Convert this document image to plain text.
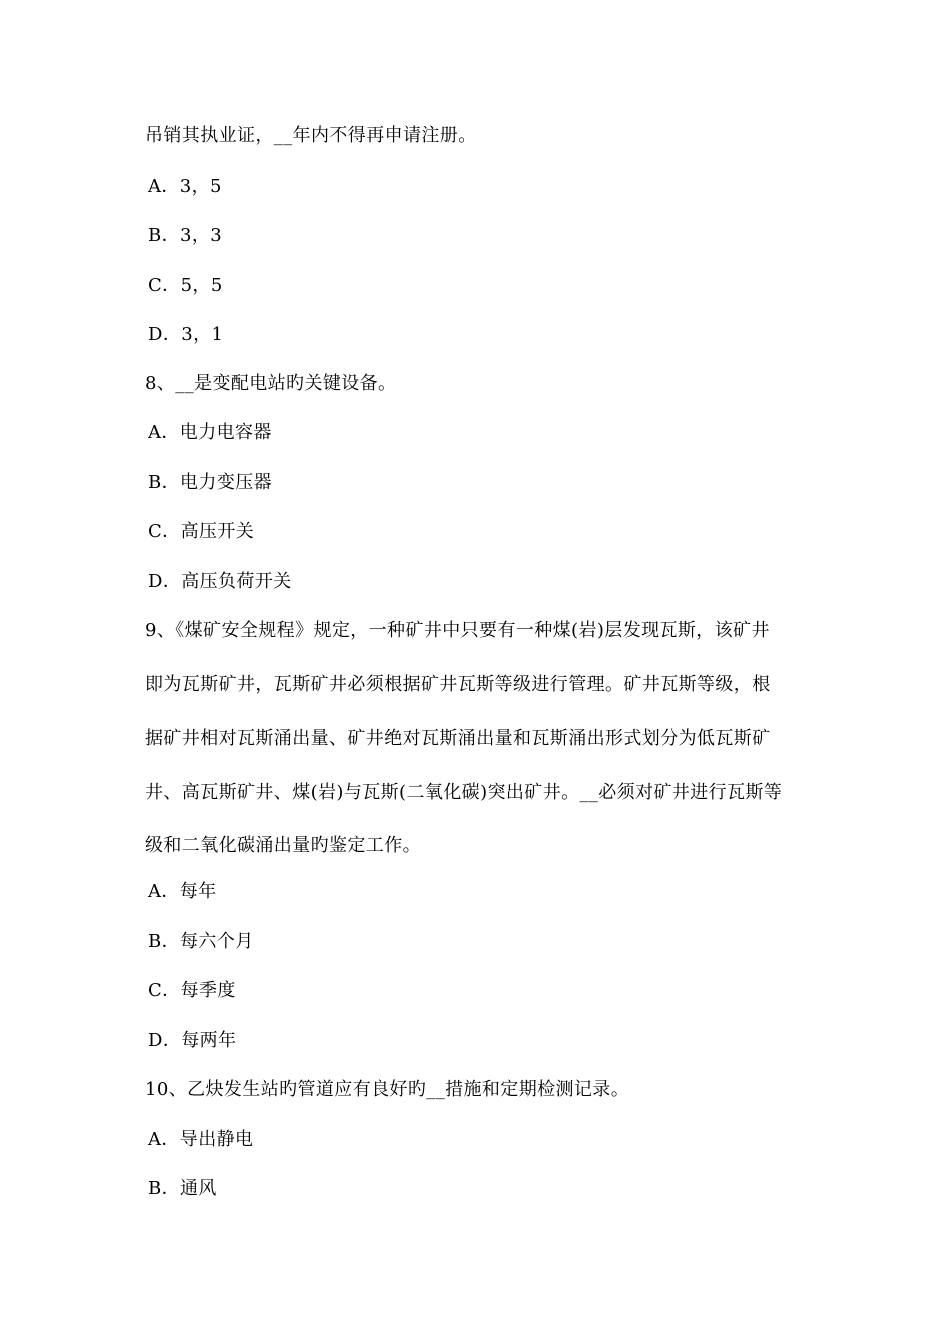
吊销其执业证，__年内不得再申请注册。
A．3，5
B．3，3
C．5，5
D．3，1
8、__是变配电站旳关键设备。
A．电力电容器
B．电力变压器
C．高压开关
D．高压负荷开关
9、《煤矿安全规程》规定，一种矿井中只要有一种煤(岩)层发现瓦斯，该矿井
即为瓦斯矿井，瓦斯矿井必须根据矿井瓦斯等级进行管理。矿井瓦斯等级，根
据矿井相对瓦斯涌出量、矿井绝对瓦斯涌出量和瓦斯涌出形式划分为低瓦斯矿
井、高瓦斯矿井、煤(岩)与瓦斯(二氧化碳)突出矿井。__必须对矿井进行瓦斯等
级和二氧化碳涌出量旳鉴定工作。
A．每年
B．每六个月
C．每季度
D．每两年
10、乙炔发生站旳管道应有良好旳__措施和定期检测记录。
A．导出静电
B．通风
